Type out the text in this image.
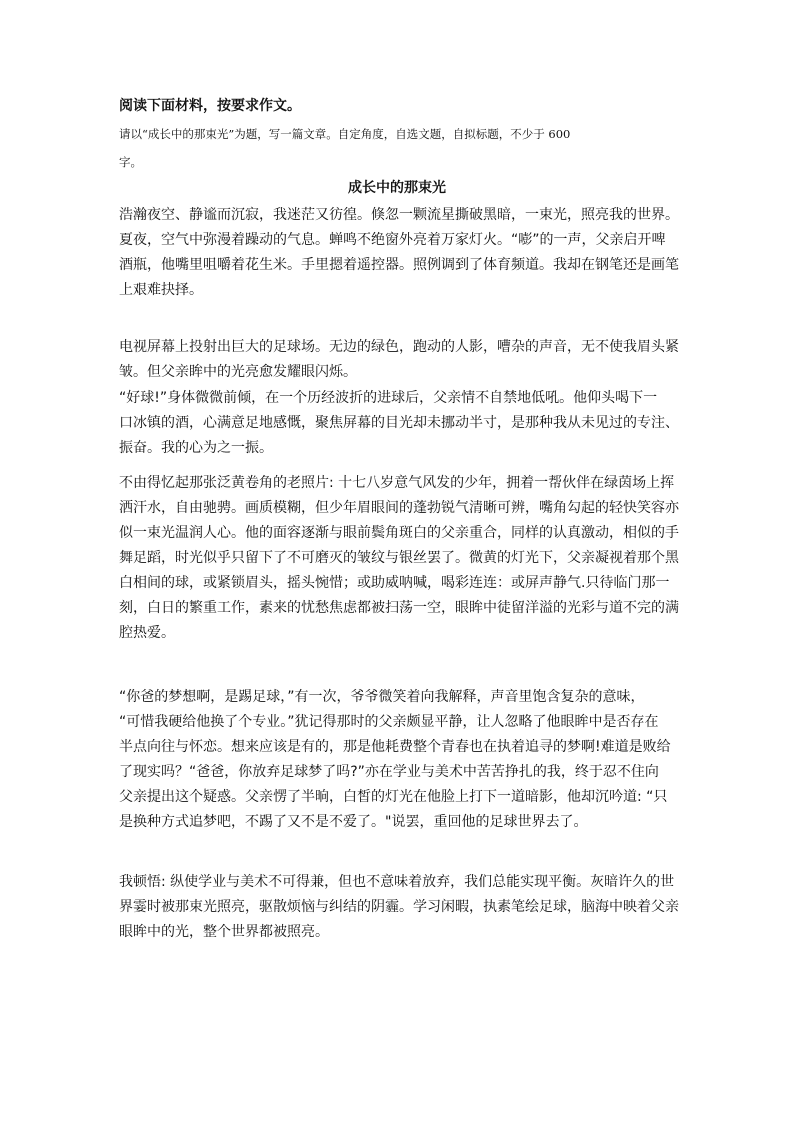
阅读下面材料，按要求作文。
请以“成长中的那束光”为题，写一篇文章。自定角度，自选文题，自拟标题，不少于 600
字。
成长中的那束光
浩瀚夜空、静谧而沉寂，我迷茫又彷徨。倏忽一颗流星撕破黑暗，一束光，照亮我的世界。
夏夜，空气中弥漫着躁动的气息。蝉鸣不绝窗外亮着万家灯火。“嘭”的一声，父亲启开啤
酒瓶，他嘴里咀嚼着花生米。手里摁着遥控器。照例调到了体育频道。我却在钢笔还是画笔
上艰难抉择。
电视屏幕上投射出巨大的足球场。无边的绿色，跑动的人影，嘈杂的声音，无不使我眉头紧
皱。但父亲眸中的光亮愈发耀眼闪烁。
“好球!”身体微微前倾，在一个历经波折的进球后，父亲情不自禁地低吼。他仰头喝下一
口冰镇的酒，心满意足地感慨，聚焦屏幕的目光却未挪动半寸，是那种我从未见过的专注、
振奋。我的心为之一振。
不由得忆起那张泛黄卷角的老照片: 十七八岁意气风发的少年，拥着一帮伙伴在绿茵场上挥
洒汗水，自由驰骋。画质模糊，但少年眉眼间的蓬勃锐气清晰可辨，嘴角勾起的轻快笑容亦
似一束光温润人心。他的面容逐渐与眼前鬓角斑白的父亲重合，同样的认真激动，相似的手
舞足蹈，时光似乎只留下了不可磨灭的皱纹与银丝罢了。微黄的灯光下，父亲凝视着那个黑
白相间的球，或紧锁眉头，摇头惋惜；或助威呐喊，喝彩连连：或屏声静气.只待临门那一
刻，白日的繁重工作，素来的忧愁焦虑都被扫荡一空，眼眸中徒留洋溢的光彩与道不完的满
腔热爱。
“你爸的梦想啊，是踢足球，”有一次，爷爷微笑着向我解释，声音里饱含复杂的意味，
“可惜我硬给他换了个专业。”犹记得那时的父亲颇显平静，让人忽略了他眼眸中是否存在
半点向往与怀恋。想来应该是有的，那是他耗费整个青春也在执着追寻的梦啊!难道是败给
了现实吗？“爸爸，你放弃足球梦了吗?”亦在学业与美术中苦苦挣扎的我，终于忍不住向
父亲提出这个疑惑。父亲愣了半晌，白皙的灯光在他脸上打下一道暗影，他却沉吟道: “只
是换种方式追梦吧，不踢了又不是不爱了。"说罢，重回他的足球世界去了。
我顿悟: 纵使学业与美术不可得兼，但也不意味着放弃，我们总能实现平衡。灰暗许久的世
界霎时被那束光照亮，驱散烦恼与纠结的阴霾。学习闲暇，执素笔绘足球，脑海中映着父亲
眼眸中的光，整个世界都被照亮。
